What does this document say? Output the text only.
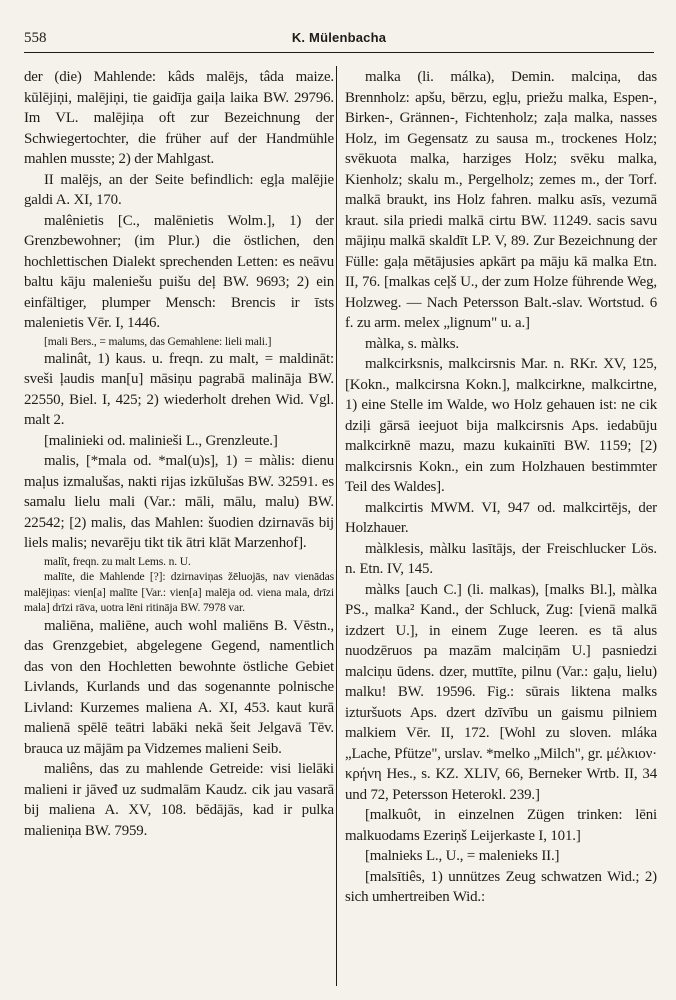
558	K. Mülenbacha

der (die) Mahlende: kâds malējs, tâda maize. kūlējiņi, malējiņi, tie gaidīja gaiļa laika BW. 29796. Im VL. malējiņa oft zur Bezeichnung der Schwiegertochter, die früher auf der Handmühle mahlen musste; 2) der Mahlgast.

II malējs, an der Seite befindlich: egļa malējie galdi A. XI, 170.

malênietis [C., malēnietis Wolm.], 1) der Grenzbewohner; (im Plur.) die östlichen, den hochlettischen Dialekt sprechenden Letten: es neāvu baltu kāju maleniešu puišu deļ BW. 9693; 2) ein einfältiger, plumper Mensch: Brencis ir īsts malenietis Vēr. I, 1446.

[mali Bers., = malums, das Gemahlene: lieli mali.]

malinât, 1) kaus. u. freqn. zu malt, = maldināt: sveši ļaudis man[u] māsiņu pagrabā malināja BW. 22550, Biel. I, 425; 2) wiederholt drehen Wid. Vgl. malt 2.

[malinieki od. malinieši L., Grenzleute.]

malis, [*mala od. *mal(u)s], 1) = màlis: dienu maļus izmalušas, nakti rijas izkūlušas BW. 32591. es samalu lielu mali (Var.: māli, mālu, malu) BW. 22542; [2) malis, das Mahlen: šuodien dzirnavās bij liels malis; nevarēju tikt tik ātri klāt Marzenhof].

malît, freqn. zu malt Lems. n. U.

malīte, die Mahlende [?]: dzirnaviņas žēluojās, nav vienādas malējiņas: vien[a] malīte [Var.: vien[a] malēja od. viena mala, drīzi mala] drīzi rāva, uotra lēni ritināja BW. 7978 var.

maliēna, maliēne, auch wohl maliēns B. Vēstn., das Grenzgebiet, abgelegene Gegend, namentlich das von den Hochletten bewohnte östliche Gebiet Livlands, Kurlands und das sogenannte polnische Livland: Kurzemes maliena A. XI, 453. kaut kurā malienā spēlē teātri labāki nekā šeit Jelgavā Tēv. brauca uz mājām pa Vidzemes malieni Seib.

maliêns, das zu mahlende Getreide: visi lielāki malieni ir jāveđ uz sudmalām Kaudz. cik jau vasarā bij malienа A. XV, 108. bēdājās, kad ir pulka malieniņa BW. 7959.

malka (li. málka), Demin. malciņa, das Brennholz: apšu, bērzu, egļu, priežu malka, Espen-, Birken-, Grännen-, Fichtenholz; zaļa malka, nasses Holz, im Gegensatz zu sausa m., trockenes Holz; svēkuota malka, harziges Holz; svēku malka, Kienholz; skalu m., Pergelholz; zemes m., der Torf. malkā braukt, ins Holz fahren. malku asīs, vezumā kraut. sila priedi malkā cirtu BW. 11249. sacis savu mājiņu malkā skaldīt LP. V, 89. Zur Bezeichnung der Fülle: gaļa mētājusies apkārt pa māju kā malka Etn. II, 76. [malkas ceļš U., der zum Holze führende Weg, Holzweg. — Nach Petersson Balt.-slav. Wortstud. 6 f. zu arm. melex „lignum" u. a.]

màlka, s. màlks.

malkcirksnis, malkcirsnis Mar. n. RKr. XV, 125, [Kokn., malkcirsna Kokn.], malkcirkne, malkcirtne, 1) eine Stelle im Walde, wo Holz gehauen ist: ne cik dziļi gārsā ieejuot bija malkcirsnis Aps. iedabūju malkcirknē mazu, mazu kukainīti BW. 1159; [2) malkcirsnis Kokn., ein zum Holzhauen bestimmter Teil des Waldes].

malkcirtis MWM. VI, 947 od. malkcirtējs, der Holzhauer.

màlklesis, màlku lasītājs, der Freischlucker Lös. n. Etn. IV, 145.

màlks [auch C.] (li. malkas), [malks Bl.], màlka PS., malka² Kand., der Schluck, Zug: [vienā malkā izdzert U.], in einem Zuge leeren. es tā alus nuodzēruos pa mazām malciņām U.] pasniedzi malciņu ūdens. dzer, muttīte, pilnu (Var.: gaļu, lielu) malku! BW. 19596. Fig.: sūrais liktena malks izturšuots Aps. dzert dzīvību un gaismu pilniem malkiem Vēr. II, 172. [Wohl zu sloven. mláka „Lache, Pfütze", urslav. *melko „Milch", gr. μέλκιον· κρήνη Hes., s. KZ. XLIV, 66, Berneker Wrtb. II, 34 und 72, Petersson Heterokl. 239.]

[malkuôt, in einzelnen Zügen trinken: lēni malkuodams Ezeriņš Leijerkaste I, 101.]

[malnieks L., U., = malenieks II.]

[malsītiês, 1) unnützes Zeug schwatzen Wid.; 2) sich umhertreiben Wid.:
